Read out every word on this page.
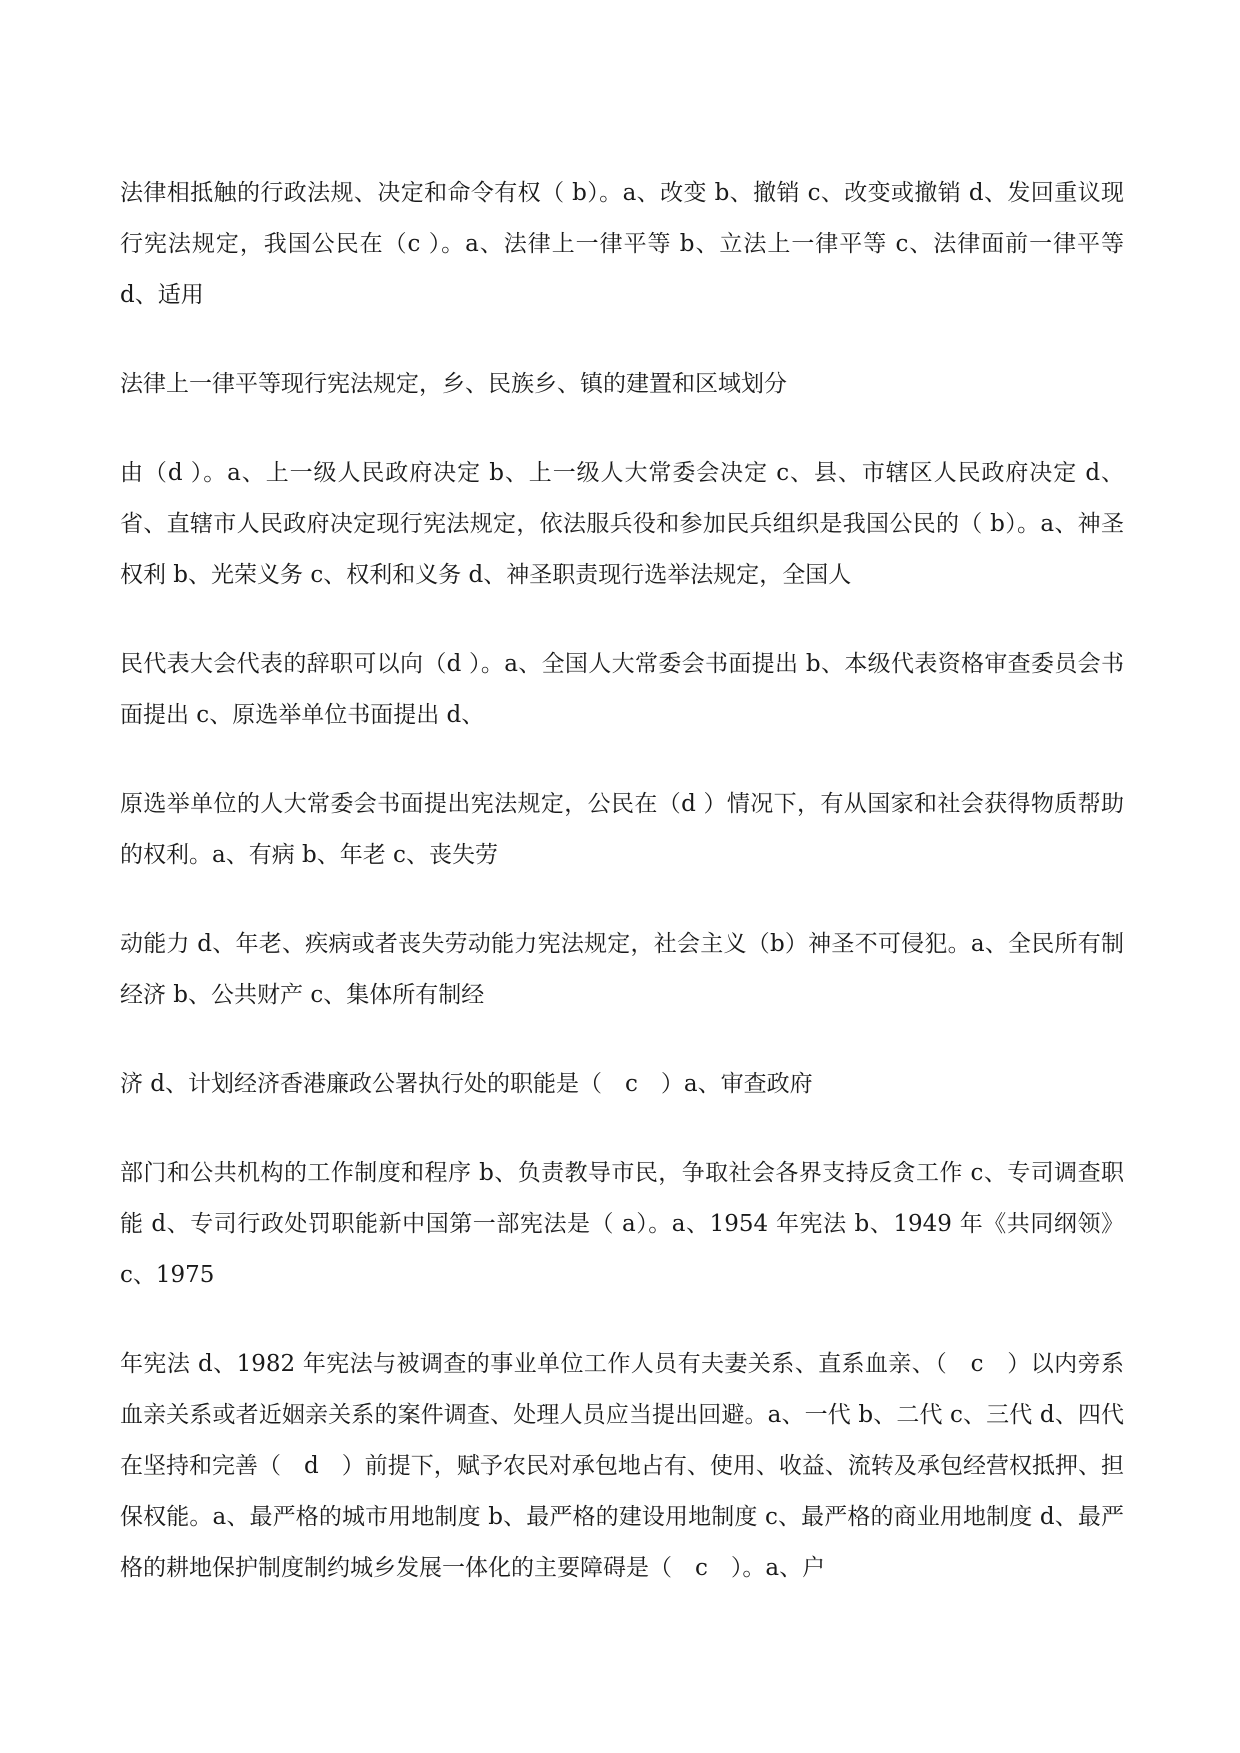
法律相抵触的行政法规、决定和命令有权（ b）。a、改变 b、撤销 c、改变或撤销 d、发回重议现行宪法规定，我国公民在（c ）。a、法律上一律平等 b、立法上一律平等 c、法律面前一律平等 d、适用

法律上一律平等现行宪法规定，乡、民族乡、镇的建置和区域划分

由（d ）。a、上一级人民政府决定 b、上一级人大常委会决定 c、县、市辖区人民政府决定 d、省、直辖市人民政府决定现行宪法规定，依法服兵役和参加民兵组织是我国公民的（ b）。a、神圣权利 b、光荣义务 c、权利和义务 d、神圣职责现行选举法规定，全国人

民代表大会代表的辞职可以向（d ）。a、全国人大常委会书面提出 b、本级代表资格审查委员会书面提出 c、原选举单位书面提出 d、

原选举单位的人大常委会书面提出宪法规定，公民在（d ）情况下，有从国家和社会获得物质帮助的权利。a、有病 b、年老 c、丧失劳

动能力 d、年老、疾病或者丧失劳动能力宪法规定，社会主义（b）神圣不可侵犯。a、全民所有制经济 b、公共财产 c、集体所有制经

济 d、计划经济香港廉政公署执行处的职能是（　c　）a、审查政府

部门和公共机构的工作制度和程序 b、负责教导市民，争取社会各界支持反贪工作 c、专司调查职能 d、专司行政处罚职能新中国第一部宪法是（ a）。a、1954 年宪法 b、1949 年《共同纲领》c、1975

年宪法 d、1982 年宪法与被调查的事业单位工作人员有夫妻关系、直系血亲、（　c　）以内旁系血亲关系或者近姻亲关系的案件调查、处理人员应当提出回避。a、一代 b、二代 c、三代 d、四代在坚持和完善（　d　）前提下，赋予农民对承包地占有、使用、收益、流转及承包经营权抵押、担保权能。a、最严格的城市用地制度 b、最严格的建设用地制度 c、最严格的商业用地制度 d、最严格的耕地保护制度制约城乡发展一体化的主要障碍是（　c　）。a、户
